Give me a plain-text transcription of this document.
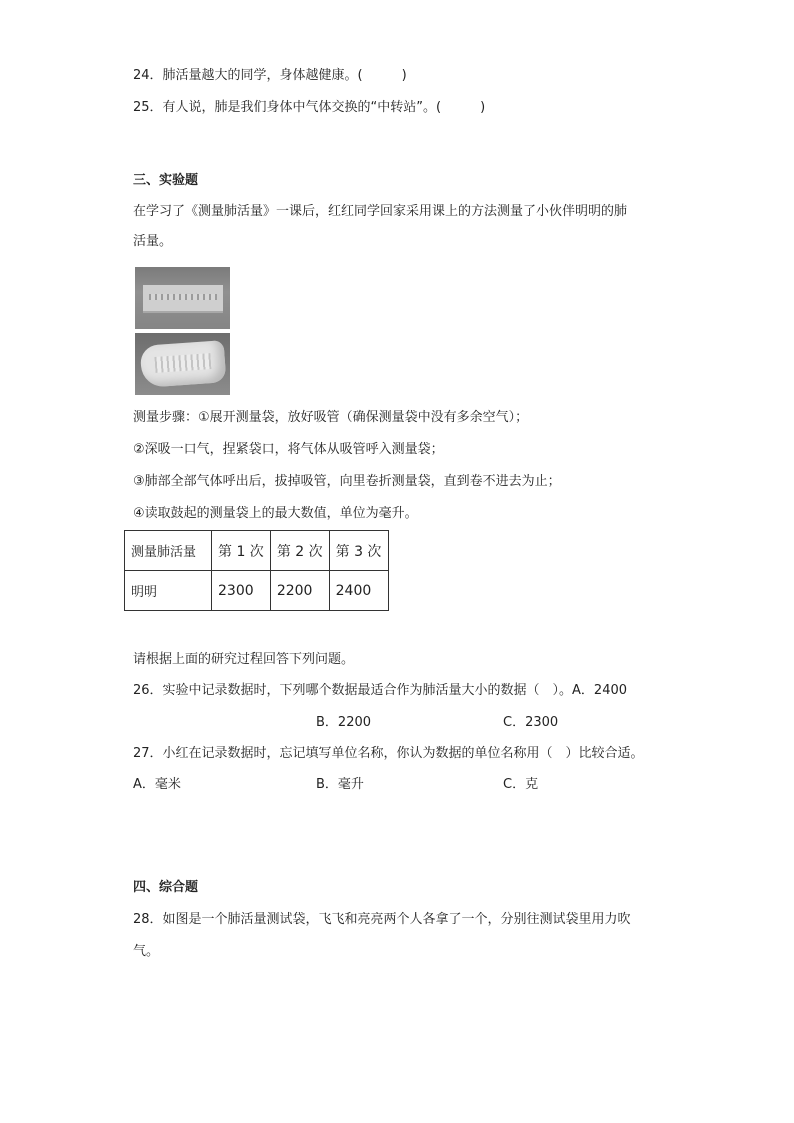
24．肺活量越大的同学，身体越健康。(　　　)
25．有人说，肺是我们身体中气体交换的“中转站”。(　　　)
三、实验题
在学习了《测量肺活量》一课后，红红同学回家采用课上的方法测量了小伙伴明明的肺
活量。
测量步骤：①展开测量袋，放好吸管（确保测量袋中没有多余空气）；
②深吸一口气，捏紧袋口，将气体从吸管呼入测量袋；
③肺部全部气体呼出后，拔掉吸管，向里卷折测量袋，直到卷不进去为止；
④读取鼓起的测量袋上的最大数值，单位为毫升。
测量肺活量	第 1 次	第 2 次	第 3 次
明明	2300	2200	2400
请根据上面的研究过程回答下列问题。
26．实验中记录数据时，下列哪个数据最适合作为肺活量大小的数据（　）。A．2400
B．2200	C．2300
27．小红在记录数据时，忘记填写单位名称，你认为数据的单位名称用（　）比较合适。
A．毫米	B．毫升	C．克
四、综合题
28．如图是一个肺活量测试袋，飞飞和亮亮两个人各拿了一个，分别往测试袋里用力吹
气。
